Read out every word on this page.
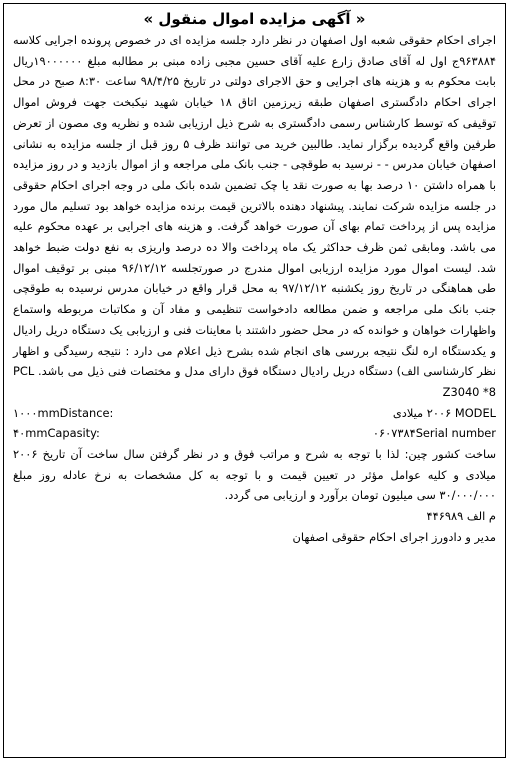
« آگهی مزایده اموال منقول »

اجرای احکام حقوقی شعبه اول اصفهان در نظر دارد جلسه مزایده ای در خصوص پرونده اجرایی کلاسه ۹۶۳۸۸۴ج اول له آقای صادق زارع علیه آقای حسین مجبی زاده مبنی بر مطالبه مبلغ ۱۹۰۰۰۰۰۰ریال بابت محکوم به و هزینه های اجرایی و حق الاجرای دولتی در تاریخ ۹۸/۴/۲۵ ساعت ۸:۳۰ صبح در محل اجرای احکام دادگستری اصفهان طبقه زیرزمین اتاق ۱۸ خیابان شهید نیکبخت جهت فروش اموال توقیفی که توسط کارشناس رسمی دادگستری به شرح ذیل ارزیابی شده و نظریه وی مصون از تعرض طرفین واقع گردیده برگزار نماید. طالبین خرید می توانند ظرف ۵ روز قبل از جلسه مزایده به نشانی اصفهان خیابان مدرس - - نرسید به طوقچی - جنب بانک ملی مراجعه و از اموال بازدید و در روز مزایده با همراه داشتن ۱۰ درصد بها به صورت نقد یا چک تضمین شده بانک ملی در وجه اجرای احکام حقوقی در جلسه مزایده شرکت نمایند. پیشنهاد دهنده بالاترین قیمت برنده مزایده خواهد بود تسلیم مال مورد مزایده پس از پرداخت تمام بهای آن صورت خواهد گرفت. و هزینه های اجرایی بر عهده محکوم علیه می باشد. ومابقی ثمن ظرف حداکثر یک ماه پرداخت والا ده درصد واریزی به نفع دولت ضبط خواهد شد. لیست اموال مورد مزایده ارزیابی اموال مندرج در صورتجلسه ۹۶/۱۲/۱۲ مبنی بر توقیف اموال طی هماهنگی در تاریخ روز یکشنبه ۹۷/۱۲/۱۲ به محل قرار واقع در خیابان مدرس نرسیده به طوقچی جنب بانک ملی مراجعه و ضمن مطالعه دادخواست تنظیمی و مفاد آن و مکاتبات مربوطه واستماع واظهارات خواهان و خوانده که در محل حضور داشتند با معاینات فنی و ارزیابی یک دستگاه دریل رادیال و یکدستگاه اره لنگ نتیجه بررسی های انجام شده بشرح ذیل اعلام می دارد : نتیجه رسیدگی و اظهار نظر کارشناسی الف) دستگاه دریل رادیال دستگاه فوق دارای مدل و مختصات فنی ذیل می باشد. PCL Z3040 *8

۱۰۰۰mmDistance:	۲۰۰۶ میلادی MODEL
۴۰mmCapasity:	۰۶۰۷۳۸۴Serial number

ساخت کشور چین: لذا با توجه به شرح و مراتب فوق و در نظر گرفتن سال ساخت آن تاریخ ۲۰۰۶ میلادی و کلیه عوامل مؤثر در تعیین قیمت و با توجه به کل مشخصات به نرخ عادله روز مبلغ ۳۰/۰۰۰/۰۰۰ سی میلیون تومان برآورد و ارزیابی می گردد.

م الف ۴۴۶۹۸۹

مدیر و دادورز اجرای احکام حقوقی اصفهان
